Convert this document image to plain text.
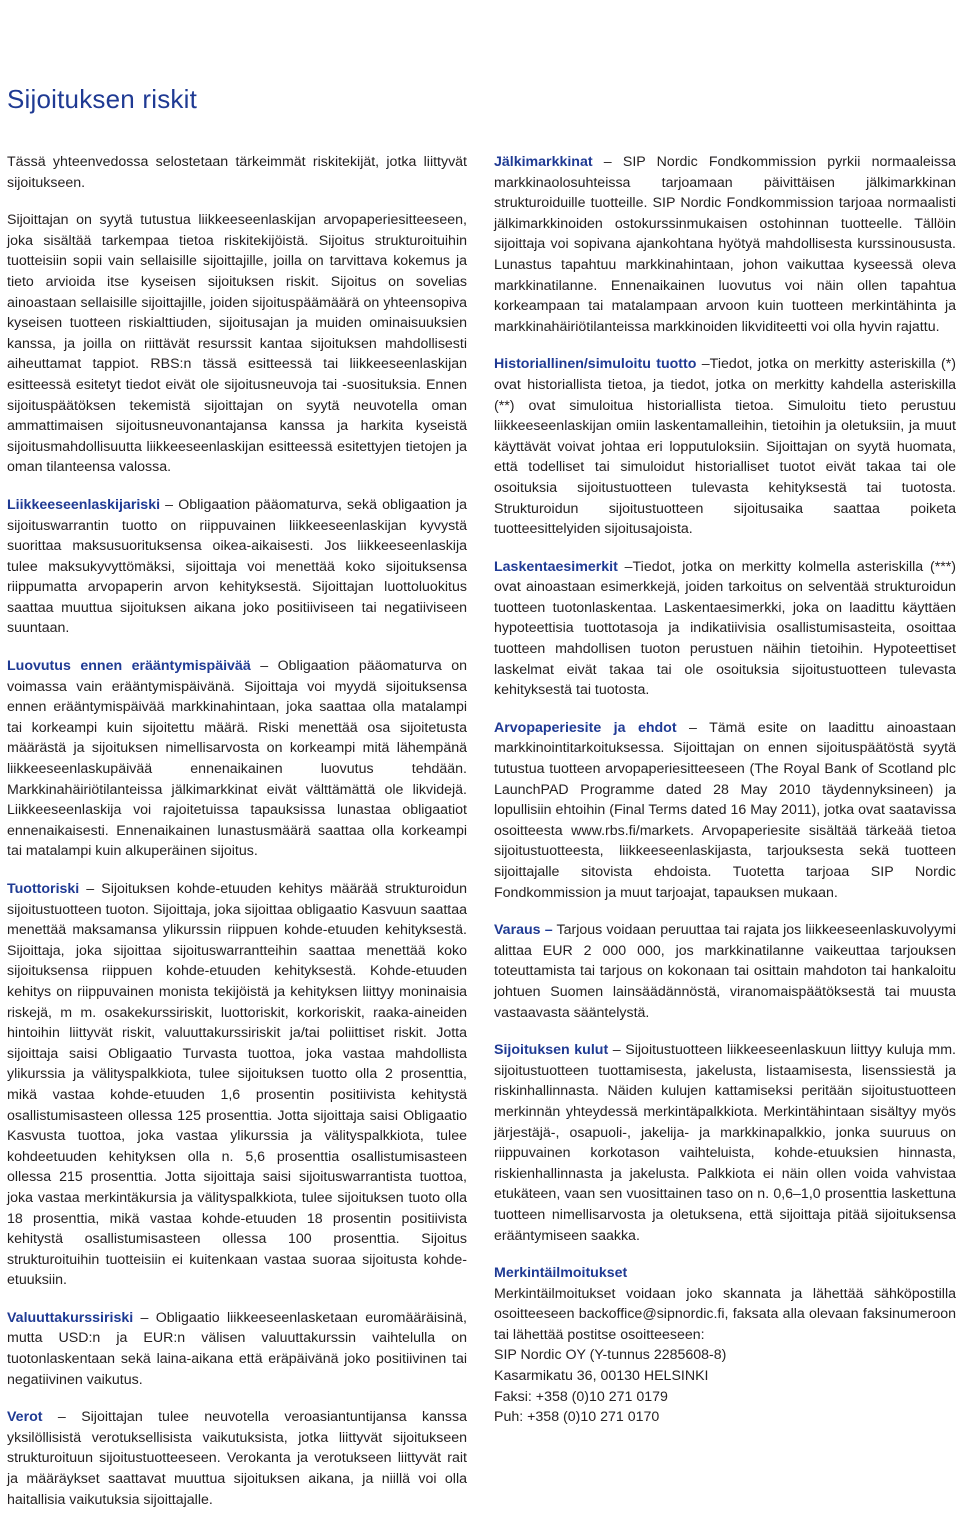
Sijoituksen riskit

Tässä yhteenvedossa selostetaan tärkeimmät riskitekijät, jotka liittyvät sijoitukseen.

Sijoittajan on syytä tutustua liikkeeseenlaskijan arvopaperiesitteeseen, joka sisältää tarkempaa tietoa riskitekijöistä. Sijoitus strukturoituihin tuotteisiin sopii vain sellaisille sijoittajille, joilla on tarvittava kokemus ja tieto arvioida itse kyseisen sijoituksen riskit. Sijoitus on sovelias ainoastaan sellaisille sijoittajille, joiden sijoituspäämäärä on yhteensopiva kyseisen tuotteen riskialttiuden, sijoitusajan ja muiden ominaisuuksien kanssa, ja joilla on riittävät resurssit kantaa sijoituksen mahdollisesti aiheuttamat tappiot. RBS:n tässä esitteessä tai liikkeeseenlaskijan esitteessä esitetyt tiedot eivät ole sijoitusneuvoja tai -suosituksia. Ennen sijoituspäätöksen tekemistä sijoittajan on syytä neuvotella oman ammattimaisen sijoitusneuvonantajansa kanssa ja harkita kyseistä sijoitusmahdollisuutta liikkeeseenlaskijan esitteessä esitettyjen tietojen ja oman tilanteensa valossa.

Liikkeeseenlaskijariski – Obligaation pääomaturva, sekä obligaation ja sijoituswarrantin tuotto on riippuvainen liikkeeseenlaskijan kyvystä suorittaa maksusuorituksensa oikea-aikaisesti. Jos liikkeeseenlaskija tulee maksukyvyttömäksi, sijoittaja voi menettää koko sijoituksensa riippumatta arvopaperin arvon kehityksestä. Sijoittajan luottoluokitus saattaa muuttua sijoituksen aikana joko positiiviseen tai negatiiviseen suuntaan.

Luovutus ennen erääntymispäivää – Obligaation pääomaturva on voimassa vain erääntymispäivänä. Sijoittaja voi myydä sijoituksensa ennen erääntymispäivää markkinahintaan, joka saattaa olla matalampi tai korkeampi kuin sijoitettu määrä. Riski menettää osa sijoitetusta määrästä ja sijoituksen nimellisarvosta on korkeampi mitä lähempänä liikkeeseenlaskupäivää ennenaikainen luovutus tehdään. Markkinahäiriötilanteissa jälkimarkkinat eivät välttämättä ole likvidejä. Liikkeeseenlaskija voi rajoitetuissa tapauksissa lunastaa obligaatiot ennenaikaisesti. Ennenaikainen lunastusmäärä saattaa olla korkeampi tai matalampi kuin alkuperäinen sijoitus.

Tuottoriski – Sijoituksen kohde-etuuden kehitys määrää strukturoidun sijoitustuotteen tuoton. Sijoittaja, joka sijoittaa obligaatio Kasvuun saattaa menettää maksamansa ylikurssin riippuen kohde-etuuden kehityksestä. Sijoittaja, joka sijoittaa sijoituswarrantteihin saattaa menettää koko sijoituksensa riippuen kohde-etuuden kehityksestä. Kohde-etuuden kehitys on riippuvainen monista tekijöistä ja kehityksen liittyy moninaisia riskejä, m m. osakekurssiriskit, luottoriskit, korkoriskit, raaka-aineiden hintoihin liittyvät riskit, valuuttakurssiriskit ja/tai poliittiset riskit. Jotta sijoittaja saisi Obligaatio Turvasta tuottoa, joka vastaa mahdollista ylikurssia ja välityspalkkiota, tulee sijoituksen tuotto olla 2 prosenttia, mikä vastaa kohde-etuuden 1,6 prosentin positiivista kehitystä osallistumisasteen ollessa 125 prosenttia. Jotta sijoittaja saisi Obligaatio Kasvusta tuottoa, joka vastaa ylikurssia ja välityspalkkiota, tulee kohdeetuuden kehityksen olla n. 5,6 prosenttia osallistumisasteen ollessa 215 prosenttia. Jotta sijoittaja saisi sijoituswarrantista tuottoa, joka vastaa merkintäkursia ja välityspalkkiota, tulee sijoituksen tuoto olla 18 prosenttia, mikä vastaa kohde-etuuden 18 prosentin positiivista kehitystä osallistumisasteen ollessa 100 prosenttia. Sijoitus strukturoituihin tuotteisiin ei kuitenkaan vastaa suoraa sijoitusta kohde-etuuksiin.

Valuuttakurssiriski – Obligaatio liikkeeseenlasketaan euromääräisinä, mutta USD:n ja EUR:n välisen valuuttakurssin vaihtelulla on tuotonlaskentaan sekä laina-aikana että eräpäivänä joko positiivinen tai negatiivinen vaikutus.

Verot – Sijoittajan tulee neuvotella veroasiantuntijansa kanssa yksilöllisistä verotuksellisista vaikutuksista, jotka liittyvät sijoitukseen strukturoituun sijoitustuotteeseen. Verokanta ja verotukseen liittyvät rait ja määräykset saattavat muuttua sijoituksen aikana, ja niillä voi olla haitallisia vaikutuksia sijoittajalle.

Jälkimarkkinat – SIP Nordic Fondkommission pyrkii normaaleissa markkinaolosuhteissa tarjoamaan päivittäisen jälkimarkkinan strukturoiduille tuotteille. SIP Nordic Fondkommission tarjoaa normaalisti jälkimarkkinoiden ostokurssinmukaisen ostohinnan tuotteelle. Tällöin sijoittaja voi sopivana ajankohtana hyötyä mahdollisesta kurssinoususta. Lunastus tapahtuu markkinahintaan, johon vaikuttaa kyseessä oleva markkinatilanne. Ennenaikainen luovutus voi näin ollen tapahtua korkeampaan tai matalampaan arvoon kuin tuotteen merkintähinta ja markkinahäiriötilanteissa markkinoiden likviditeetti voi olla hyvin rajattu.

Historiallinen/simuloitu tuotto –Tiedot, jotka on merkitty asteriskilla (*) ovat historiallista tietoa, ja tiedot, jotka on merkitty kahdella asteriskilla (**) ovat simuloitua historiallista tietoa. Simuloitu tieto perustuu liikkeeseenlaskijan omiin laskentamalleihin, tietoihin ja oletuksiin, ja muut käyttävät voivat johtaa eri lopputuloksiin. Sijoittajan on syytä huomata, että todelliset tai simuloidut historialliset tuotot eivät takaa tai ole osoituksia sijoitustuotteen tulevasta kehityksestä tai tuotosta. Strukturoidun sijoitustuotteen sijoitusaika saattaa poiketa tuotteesittelyiden sijoitusajoista.

Laskentaesimerkit –Tiedot, jotka on merkitty kolmella asteriskilla (***) ovat ainoastaan esimerkkejä, joiden tarkoitus on selventää strukturoidun tuotteen tuotonlaskentaa. Laskentaesimerkki, joka on laadittu käyttäen hypoteettisia tuottotasoja ja indikatiivisia osallistumisasteita, osoittaa tuotteen mahdollisen tuoton perustuen näihin tietoihin. Hypoteettiset laskelmat eivät takaa tai ole osoituksia sijoitustuotteen tulevasta kehityksestä tai tuotosta.

Arvopaperiesite ja ehdot – Tämä esite on laadittu ainoastaan markkinointitarkoituksessa. Sijoittajan on ennen sijoituspäätöstä syytä tutustua tuotteen arvopaperiesitteeseen (The Royal Bank of Scotland plc LaunchPAD Programme dated 28 May 2010 täydennyksineen) ja lopullisiin ehtoihin (Final Terms dated 16 May 2011), jotka ovat saatavissa osoitteesta www.rbs.fi/markets. Arvopaperiesite sisältää tärkeää tietoa sijoitustuotteesta, liikkeeseenlaskijasta, tarjouksesta sekä tuotteen sijoittajalle sitovista ehdoista. Tuotetta tarjoaa SIP Nordic Fondkommission ja muut tarjoajat, tapauksen mukaan.

Varaus – Tarjous voidaan peruuttaa tai rajata jos liikkeeseenlaskuvolyymi alittaa EUR 2 000 000, jos markkinatilanne vaikeuttaa tarjouksen toteuttamista tai tarjous on kokonaan tai osittain mahdoton tai hankaloitu johtuen Suomen lainsäädännöstä, viranomaispäätöksestä tai muusta vastaavasta sääntelystä.

Sijoituksen kulut – Sijoitustuotteen liikkeeseenlaskuun liittyy kuluja mm. sijoitustuotteen tuottamisesta, jakelusta, listaamisesta, lisenssiestä ja riskinhallinnasta. Näiden kulujen kattamiseksi peritään sijoitustuotteen merkinnän yhteydessä merkintäpalkkiota. Merkintähintaan sisältyy myös järjestäjä-, osapuoli-, jakelija- ja markkinapalkkio, jonka suuruus on riippuvainen korkotason vaihteluista, kohde-etuuksien hinnasta, riskienhallinnasta ja jakelusta. Palkkiota ei näin ollen voida vahvistaa etukäteen, vaan sen vuosittainen taso on n. 0,6–1,0 prosenttia laskettuna tuotteen nimellisarvosta ja oletuksena, että sijoittaja pitää sijoituksensa erääntymiseen saakka.

Merkintäilmoitukset

Merkintäilmoitukset voidaan joko skannata ja lähettää sähköpostilla osoitteeseen backoffice@sipnordic.fi, faksata alla olevaan faksinumeroon tai lähettää postitse osoitteeseen:

SIP Nordic OY (Y-tunnus 2285608-8)

Kasarmikatu 36, 00130 HELSINKI

Faksi: +358 (0)10 271 0179

Puh: +358 (0)10 271 0170
